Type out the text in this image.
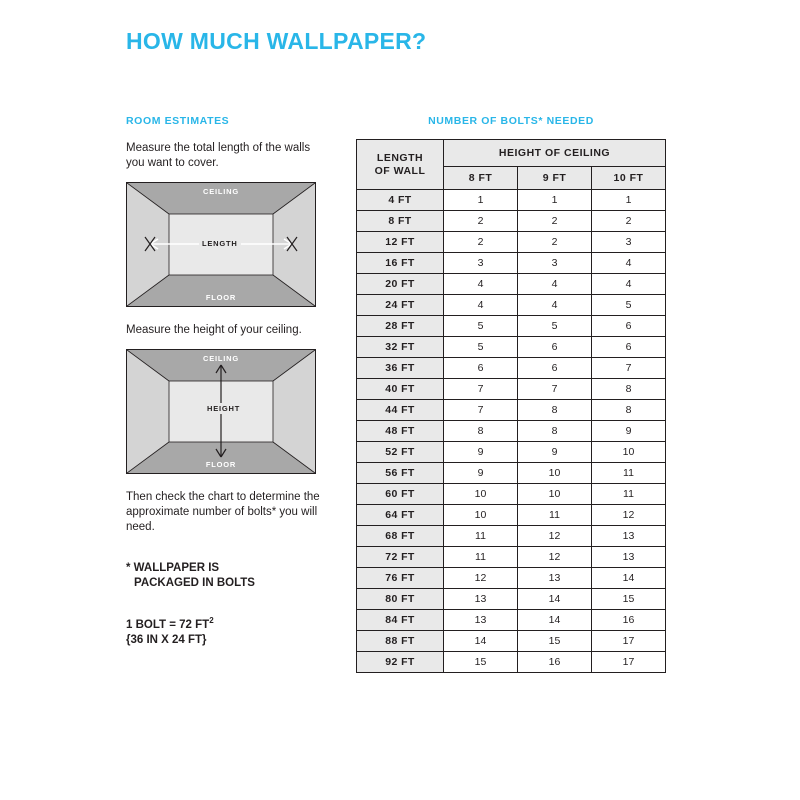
HOW MUCH WALLPAPER?
ROOM ESTIMATES
Measure the total length of the walls you want to cover.
CEILING
FLOOR
LENGTH
Measure the height of your ceiling.
CEILING
FLOOR
HEIGHT
Then check the chart to determine the approximate number of bolts* you will need.
* WALLPAPER IS
PACKAGED IN BOLTS
1 BOLT = 72 $FT^2$
{36 IN X 24 FT}
NUMBER OF BOLTS* NEEDED
LENGTH
OF WALL	HEIGHT OF CEILING		
	8 FT	9 FT	10 FT
4 FT	1	1	1
8 FT	2	2	2
12 FT	2	2	3
16 FT	3	3	4
20 FT	4	4	4
24 FT	4	4	5
28 FT	5	5	6
32 FT	5	6	6
36 FT	6	6	7
40 FT	7	7	8
44 FT	7	8	8
48 FT	8	8	9
52 FT	9	9	10
56 FT	9	10	11
60 FT	10	10	11
64 FT	10	11	12
68 FT	11	12	13
72 FT	11	12	13
76 FT	12	13	14
80 FT	13	14	15
84 FT	13	14	16
88 FT	14	15	17
92 FT	15	16	17
